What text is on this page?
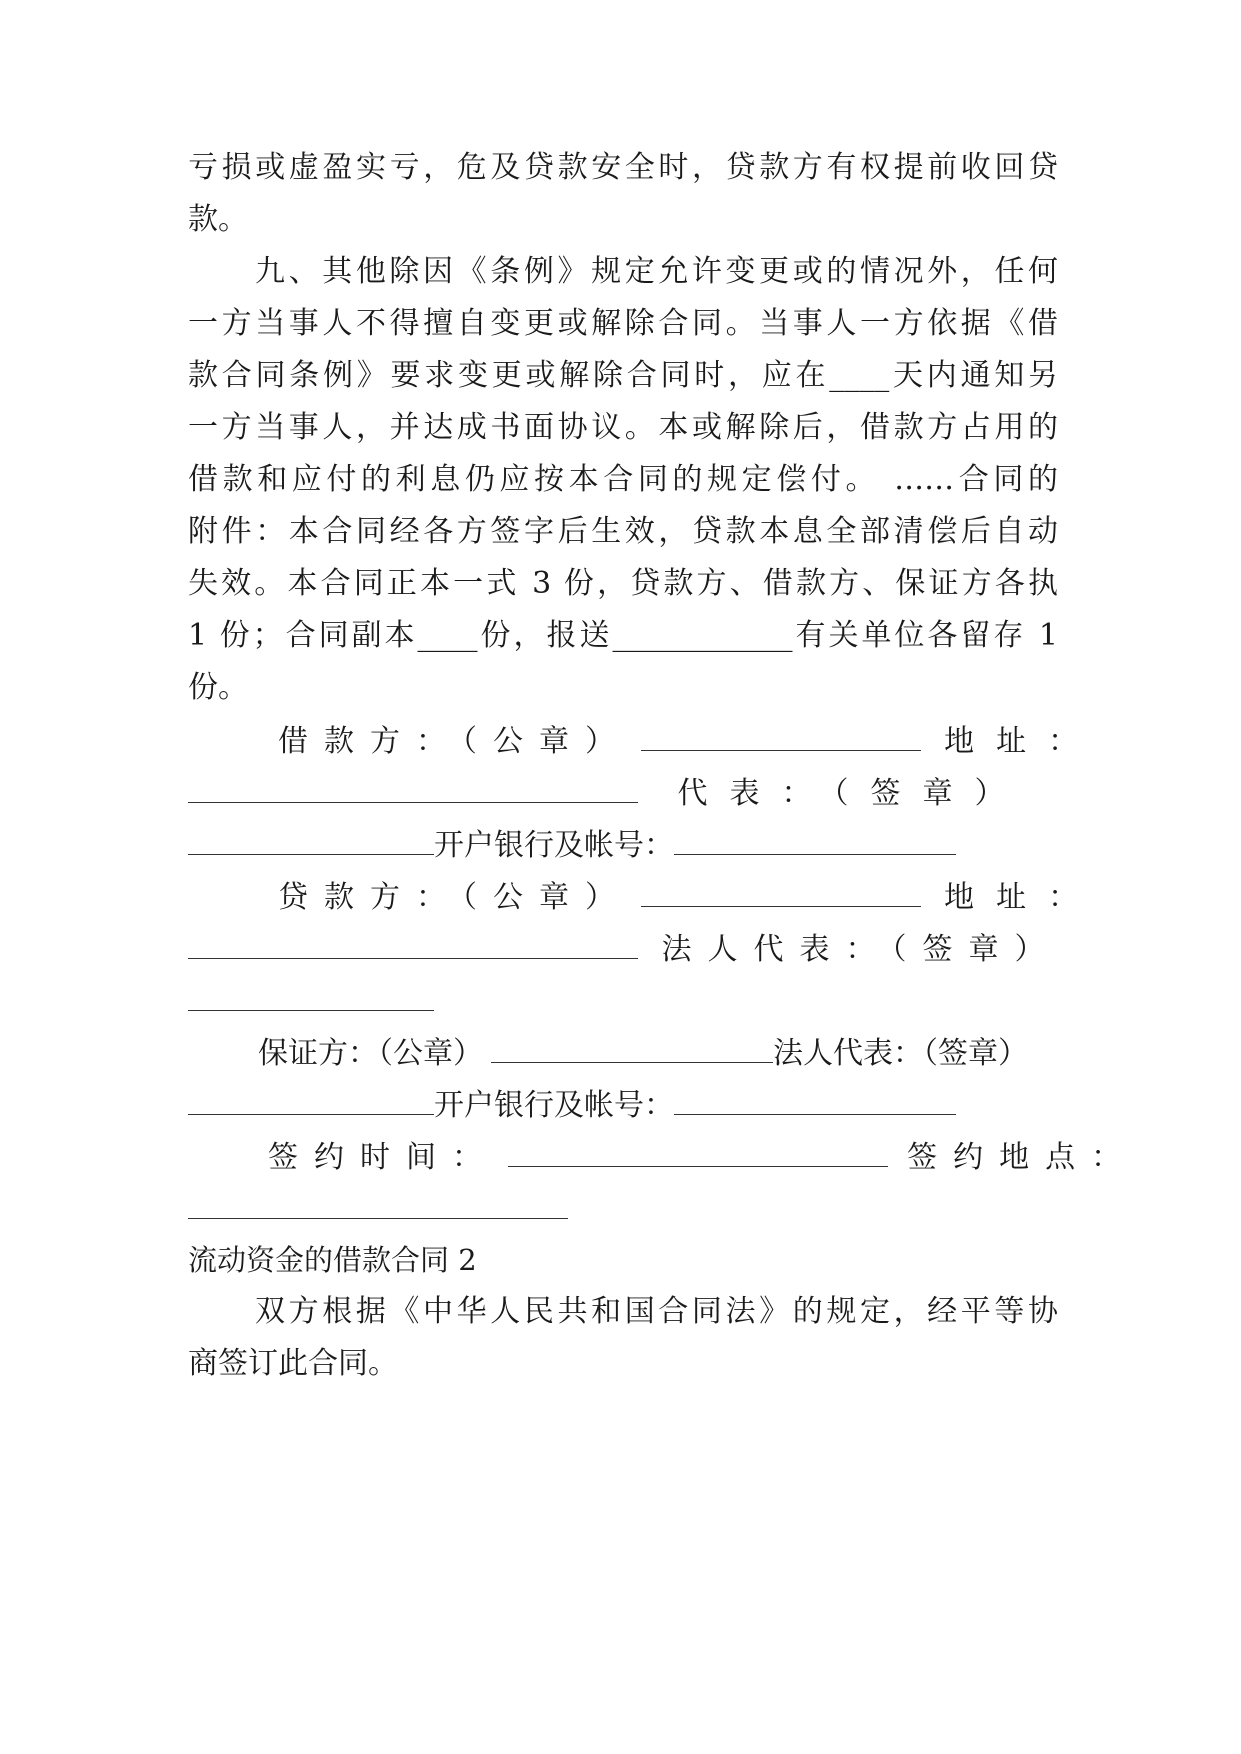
亏损或虚盈实亏，危及贷款安全时，贷款方有权提前收回贷
款。
九、其他除因《条例》规定允许变更或的情况外，任何
一方当事人不得擅自变更或解除合同。当事人一方依据《借
款合同条例》要求变更或解除合同时，应在____天内通知另
一方当事人，并达成书面协议。本或解除后，借款方占用的
借款和应付的利息仍应按本合同的规定偿付。 ……合同的
附件：本合同经各方签字后生效，贷款本息全部清偿后自动
失效。本合同正本一式 3 份，贷款方、借款方、保证方各执
1 份；合同副本____份，报送____________有关单位各留存 1
份。
借款方：（公章）	地址：
代表：（签章）
开户银行及帐号：
贷款方：（公章）	地址：
法人代表：（签章）
保证方：（公章）	法人代表：（签章）
开户银行及帐号：
签约时间：	签约地点：
流动资金的借款合同 2
双方根据《中华人民共和国合同法》的规定，经平等协
商签订此合同。
